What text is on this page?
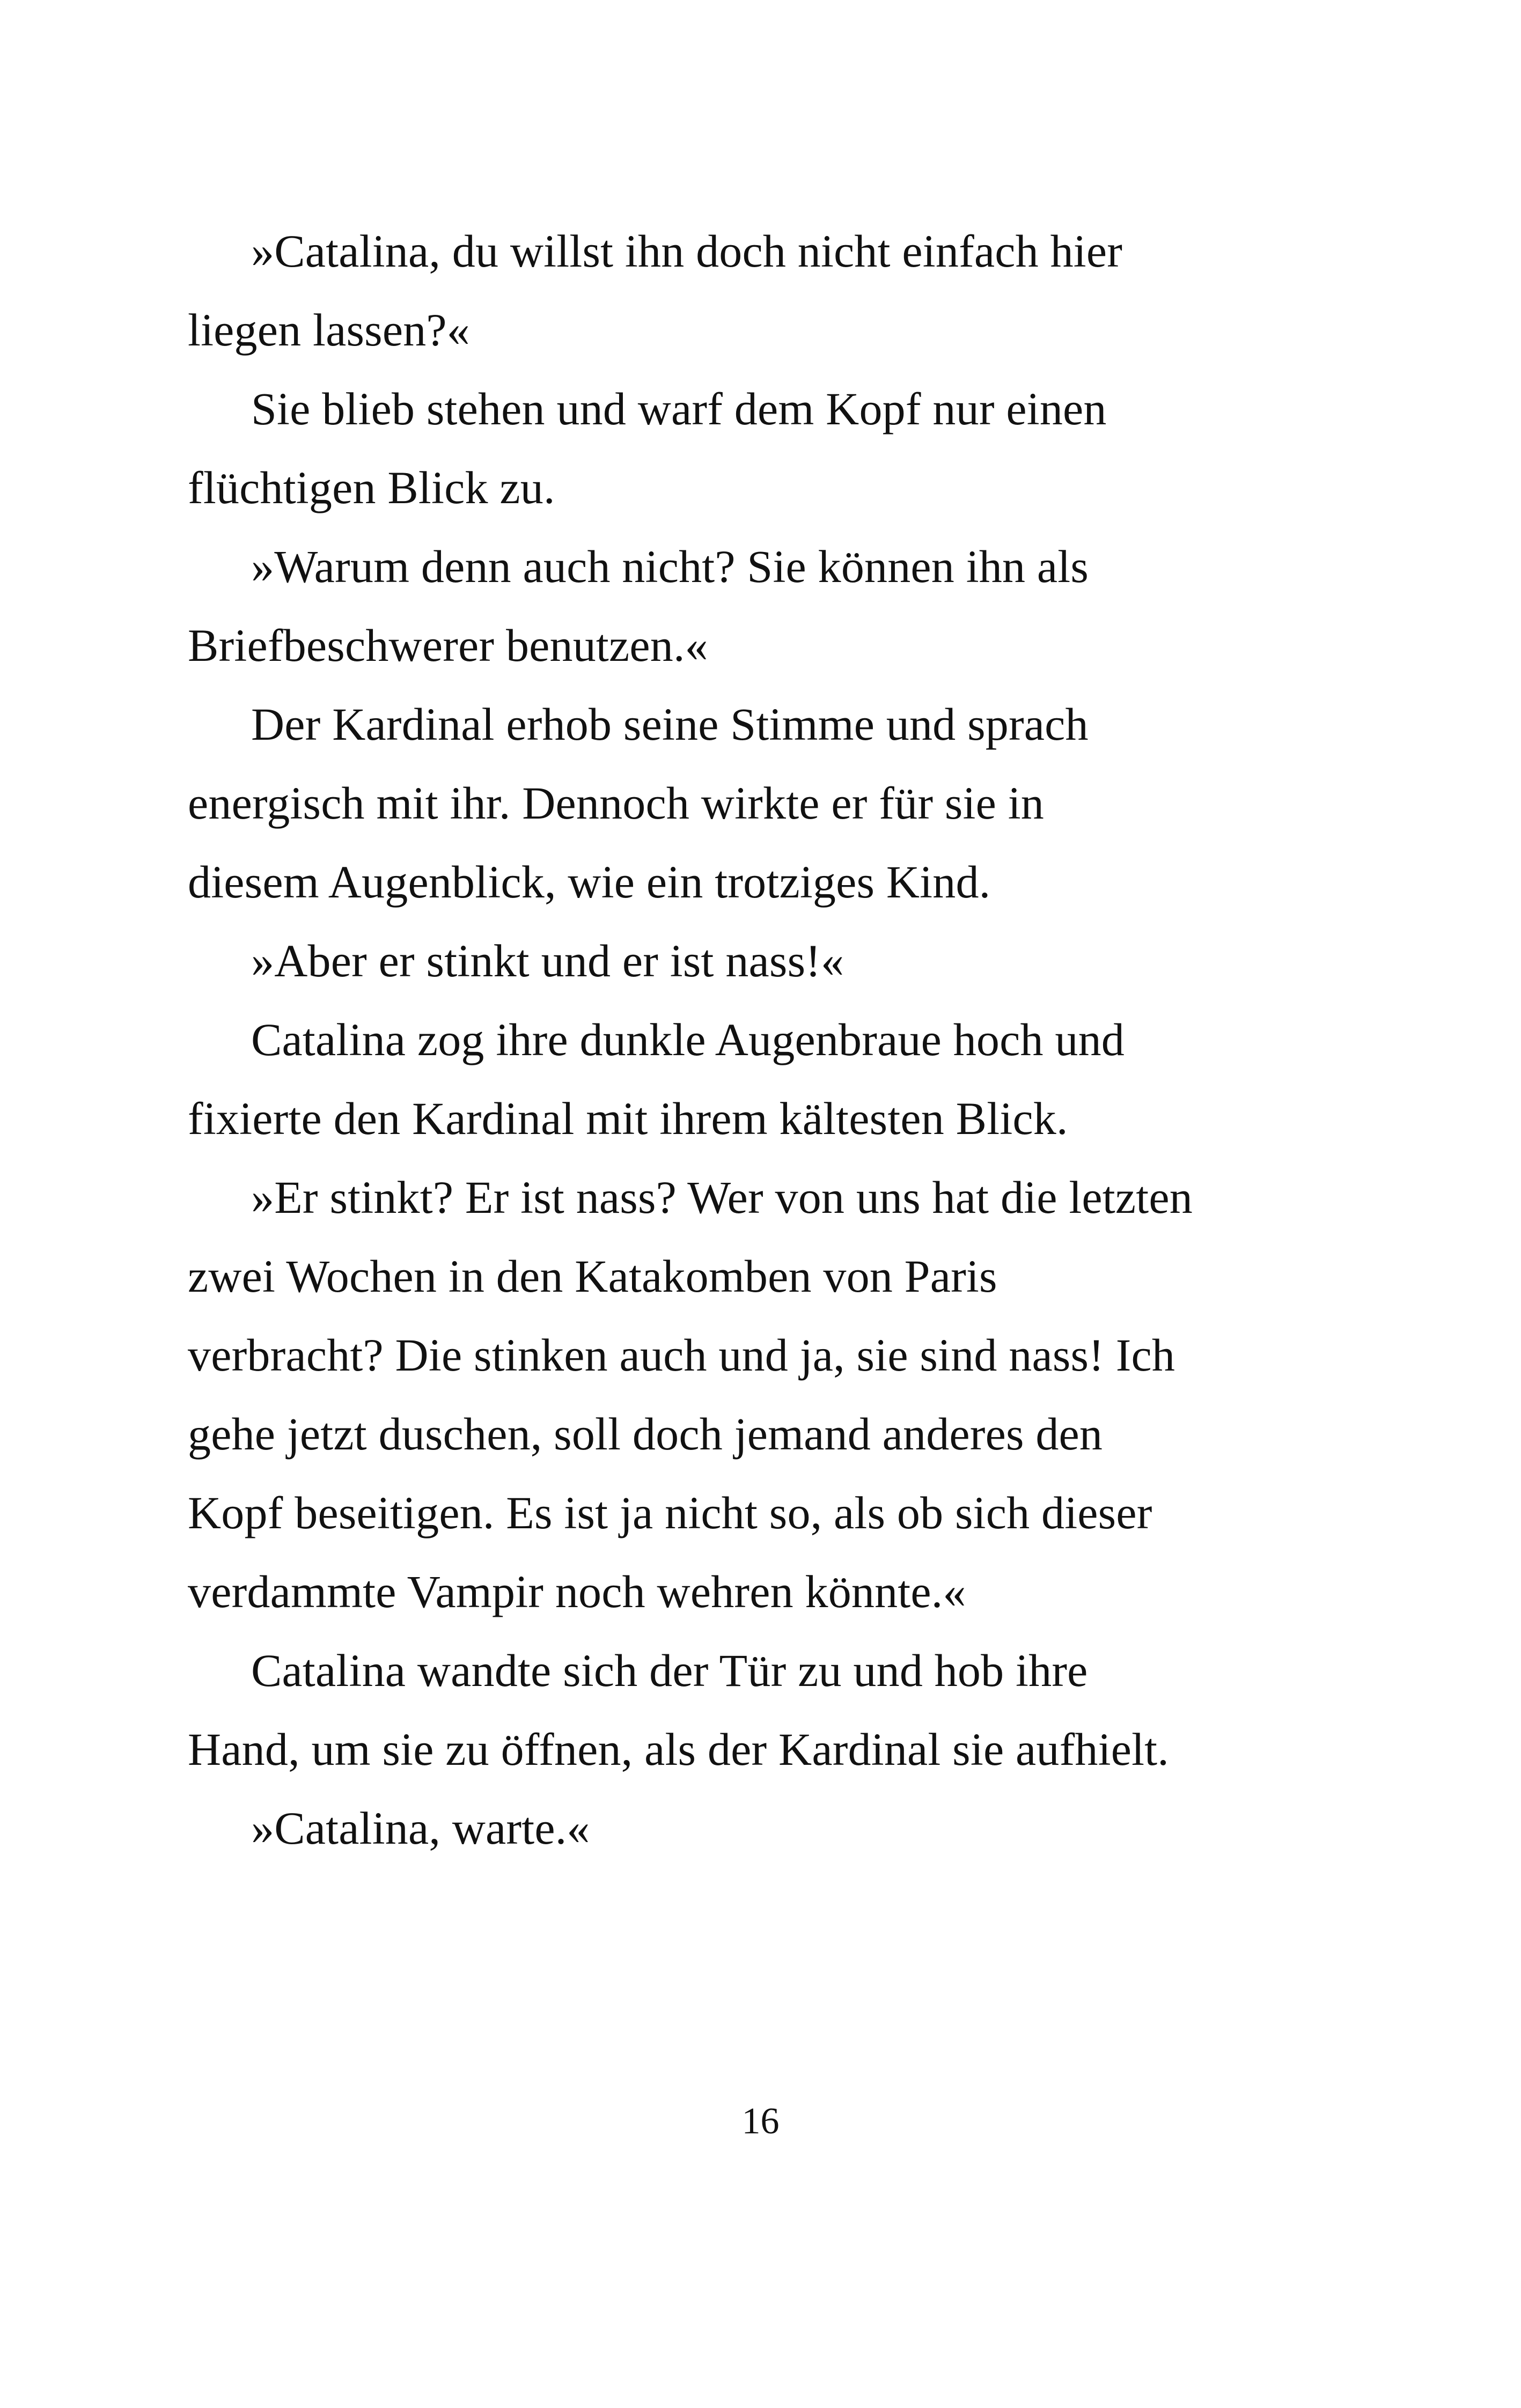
»Catalina, du willst ihn doch nicht einfach hier
liegen lassen?«

Sie blieb stehen und warf dem Kopf nur einen
flüchtigen Blick zu.

»Warum denn auch nicht? Sie können ihn als
Briefbeschwerer benutzen.«

Der Kardinal erhob seine Stimme und sprach
energisch mit ihr. Dennoch wirkte er für sie in
diesem Augenblick, wie ein trotziges Kind.

»Aber er stinkt und er ist nass!«

Catalina zog ihre dunkle Augenbraue hoch und
fixierte den Kardinal mit ihrem kältesten Blick.

»Er stinkt? Er ist nass? Wer von uns hat die letzten
zwei Wochen in den Katakomben von Paris
verbracht? Die stinken auch und ja, sie sind nass! Ich
gehe jetzt duschen, soll doch jemand anderes den
Kopf beseitigen. Es ist ja nicht so, als ob sich dieser
verdammte Vampir noch wehren könnte.«

Catalina wandte sich der Tür zu und hob ihre
Hand, um sie zu öffnen, als der Kardinal sie aufhielt.

»Catalina, warte.«

16
